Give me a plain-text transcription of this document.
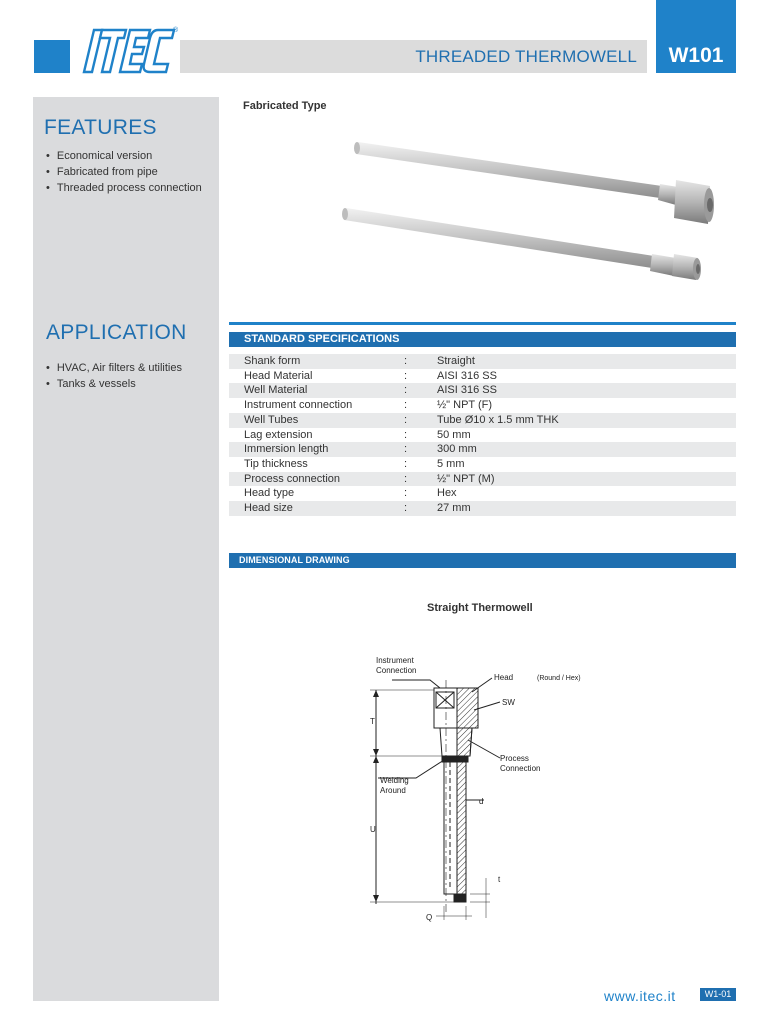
®
THREADED THERMOWELL	W101
FEATURES
• Economical version
• Fabricated from pipe
• Threaded process connection
APPLICATION
• HVAC, Air filters & utilities
• Tanks & vessels
Fabricated Type
STANDARD SPECIFICATIONS
Shank form	:	Straight
Head Material	:	AISI 316 SS
Well Material	:	AISI 316 SS
Instrument connection	:	½" NPT (F)
Well Tubes	:	Tube Ø10 x 1.5 mm THK
Lag extension	:	50 mm
Immersion length	:	300 mm
Tip thickness	:	5 mm
Process connection	:	½" NPT (M)
Head type	:	Hex
Head size	:	27 mm
DIMENSIONAL DRAWING
Straight Thermowell
Instrument
Connection
Head	(Round / Hex)
SW
Process
Connection
Welding
Around
T
U
d
t
Q
www.itec.it	W1-01
